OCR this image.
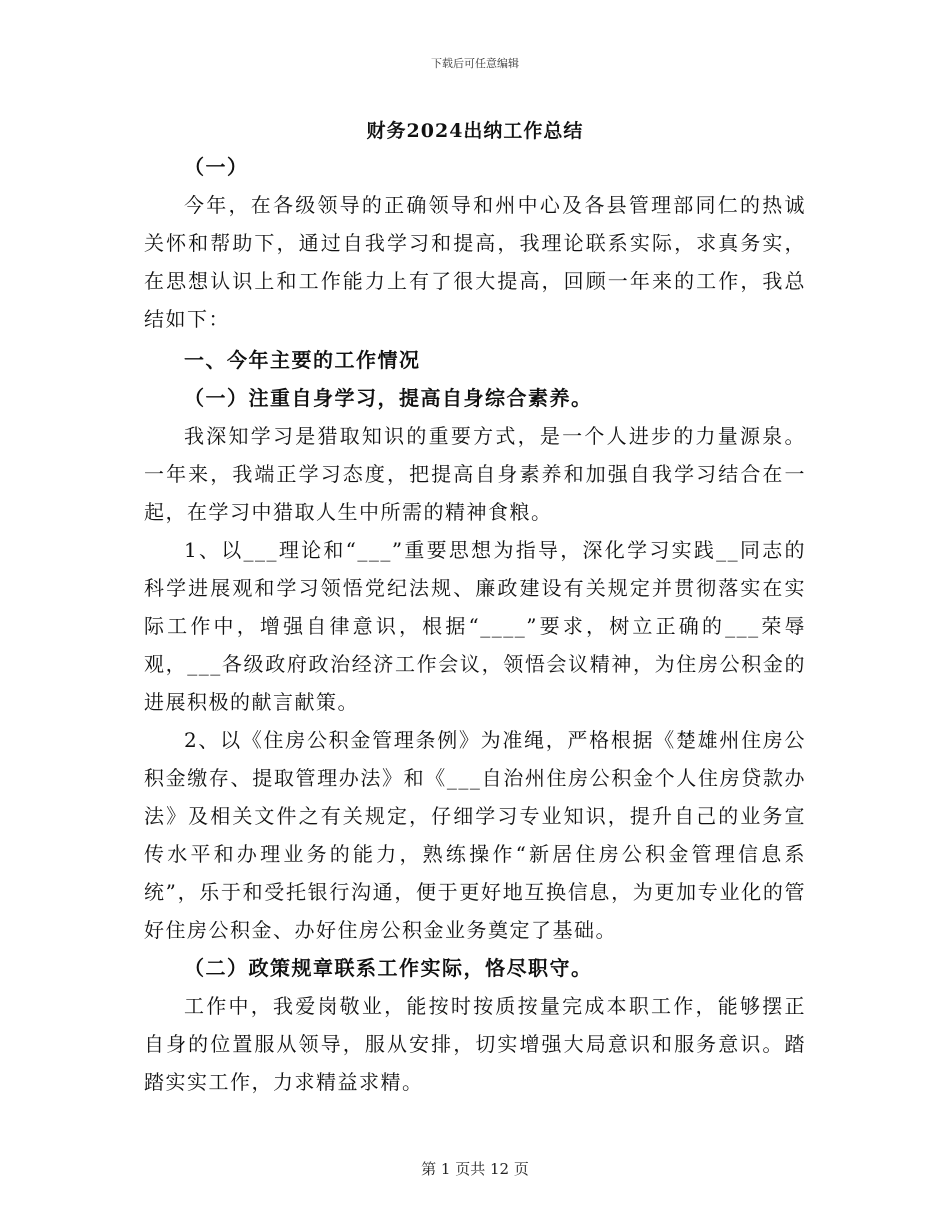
下载后可任意编辑
财务2024出纳工作总结

（一）

今年，在各级领导的正确领导和州中心及各县管理部同仁的热诚关怀和帮助下，通过自我学习和提高，我理论联系实际，求真务实，在思想认识上和工作能力上有了很大提高，回顾一年来的工作，我总结如下：

一、今年主要的工作情况

（一）注重自身学习，提高自身综合素养。

我深知学习是猎取知识的重要方式，是一个人进步的力量源泉。一年来，我端正学习态度，把提高自身素养和加强自我学习结合在一起，在学习中猎取人生中所需的精神食粮。

1、以___理论和“___”重要思想为指导，深化学习实践__同志的科学进展观和学习领悟党纪法规、廉政建设有关规定并贯彻落实在实际工作中，增强自律意识，根据“____”要求，树立正确的___荣辱观，___各级政府政治经济工作会议，领悟会议精神，为住房公积金的进展积极的献言献策。

2、以《住房公积金管理条例》为准绳，严格根据《楚雄州住房公积金缴存、提取管理办法》和《___自治州住房公积金个人住房贷款办法》及相关文件之有关规定，仔细学习专业知识，提升自己的业务宣传水平和办理业务的能力，熟练操作“新居住房公积金管理信息系统”，乐于和受托银行沟通，便于更好地互换信息，为更加专业化的管好住房公积金、办好住房公积金业务奠定了基础。

（二）政策规章联系工作实际，恪尽职守。

工作中，我爱岗敬业，能按时按质按量完成本职工作，能够摆正自身的位置服从领导，服从安排，切实增强大局意识和服务意识。踏踏实实工作，力求精益求精。

第 1 页共 12 页
